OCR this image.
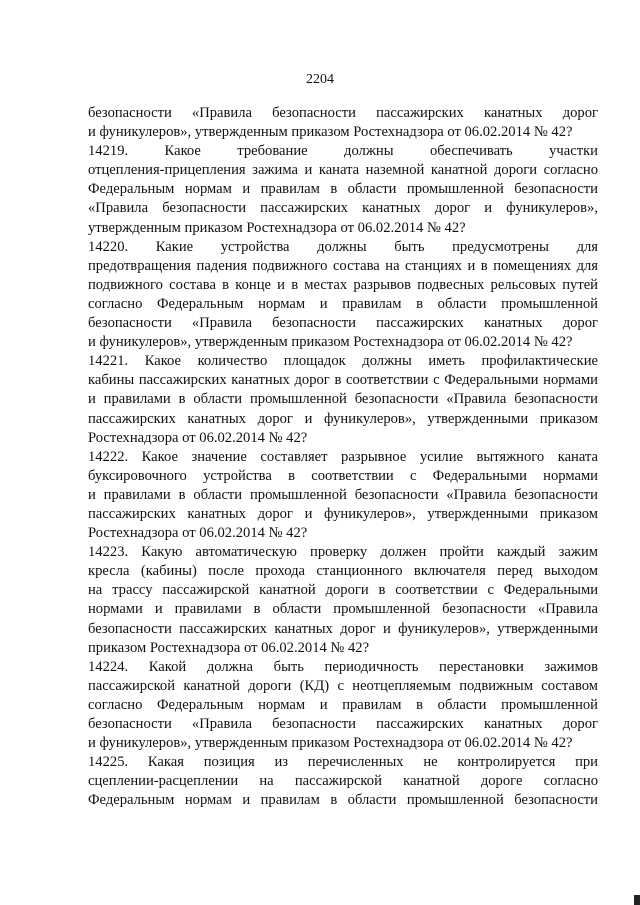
2204
безопасности «Правила безопасности пассажирских канатных дорог
и фуникулеров», утвержденным приказом Ростехнадзора от 06.02.2014 № 42?
14219. Какое требование должны обеспечивать участки
отцепления-прицепления зажима и каната наземной канатной дороги согласно
Федеральным нормам и правилам в области промышленной безопасности
«Правила безопасности пассажирских канатных дорог и фуникулеров»,
утвержденным приказом Ростехнадзора от 06.02.2014 № 42?
14220. Какие устройства должны быть предусмотрены для
предотвращения падения подвижного состава на станциях и в помещениях для
подвижного состава в конце и в местах разрывов подвесных рельсовых путей
согласно Федеральным нормам и правилам в области промышленной
безопасности «Правила безопасности пассажирских канатных дорог
и фуникулеров», утвержденным приказом Ростехнадзора от 06.02.2014 № 42?
14221. Какое количество площадок должны иметь профилактические
кабины пассажирских канатных дорог в соответствии с Федеральными нормами
и правилами в области промышленной безопасности «Правила безопасности
пассажирских канатных дорог и фуникулеров», утвержденными приказом
Ростехнадзора от 06.02.2014 № 42?
14222. Какое значение составляет разрывное усилие вытяжного каната
буксировочного устройства в соответствии с Федеральными нормами
и правилами в области промышленной безопасности «Правила безопасности
пассажирских канатных дорог и фуникулеров», утвержденными приказом
Ростехнадзора от 06.02.2014 № 42?
14223. Какую автоматическую проверку должен пройти каждый зажим
кресла (кабины) после прохода станционного включателя перед выходом
на трассу пассажирской канатной дороги в соответствии с Федеральными
нормами и правилами в области промышленной безопасности «Правила
безопасности пассажирских канатных дорог и фуникулеров», утвержденными
приказом Ростехнадзора от 06.02.2014 № 42?
14224. Какой должна быть периодичность перестановки зажимов
пассажирской канатной дороги (КД) с неотцепляемым подвижным составом
согласно Федеральным нормам и правилам в области промышленной
безопасности «Правила безопасности пассажирских канатных дорог
и фуникулеров», утвержденным приказом Ростехнадзора от 06.02.2014 № 42?
14225. Какая позиция из перечисленных не контролируется при
сцеплении-расцеплении на пассажирской канатной дороге согласно
Федеральным нормам и правилам в области промышленной безопасности
